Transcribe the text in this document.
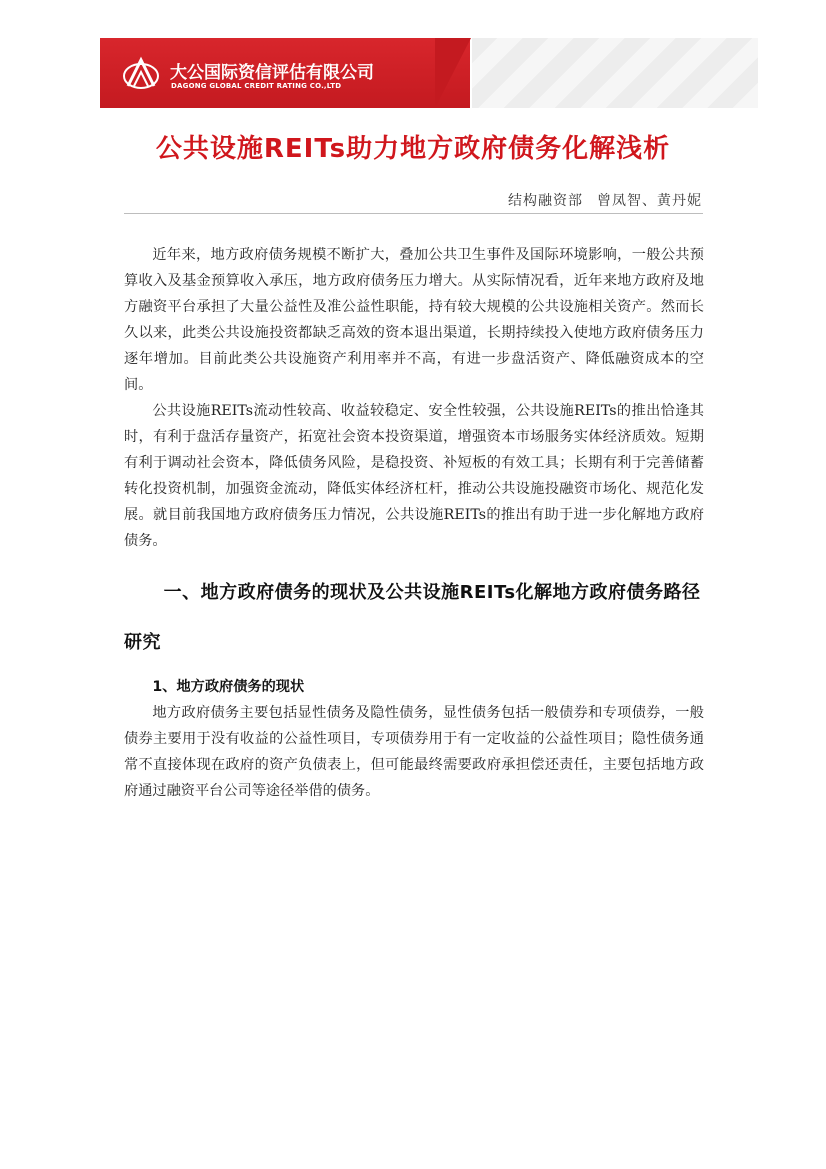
大公国际资信评估有限公司
DAGONG GLOBAL CREDIT RATING CO.,LTD
公共设施REITs助力地方政府债务化解浅析
结构融资部 曾凤智、黄丹妮

近年来，地方政府债务规模不断扩大，叠加公共卫生事件及国际环境影响，一般公共预算收入及基金预算收入承压，地方政府债务压力增大。从实际情况看，近年来地方政府及地方融资平台承担了大量公益性及准公益性职能，持有较大规模的公共设施相关资产。然而长久以来，此类公共设施投资都缺乏高效的资本退出渠道，长期持续投入使地方政府债务压力逐年增加。目前此类公共设施资产利用率并不高，有进一步盘活资产、降低融资成本的空间。

公共设施REITs流动性较高、收益较稳定、安全性较强，公共设施REITs的推出恰逢其时，有利于盘活存量资产，拓宽社会资本投资渠道，增强资本市场服务实体经济质效。短期有利于调动社会资本，降低债务风险，是稳投资、补短板的有效工具；长期有利于完善储蓄转化投资机制，加强资金流动，降低实体经济杠杆，推动公共设施投融资市场化、规范化发展。就目前我国地方政府债务压力情况，公共设施REITs的推出有助于进一步化解地方政府债务。

一、地方政府债务的现状及公共设施REITs化解地方政府债务路径研究

1、地方政府债务的现状

地方政府债务主要包括显性债务及隐性债务，显性债务包括一般债券和专项债券，一般债券主要用于没有收益的公益性项目，专项债券用于有一定收益的公益性项目；隐性债务通常不直接体现在政府的资产负债表上，但可能最终需要政府承担偿还责任，主要包括地方政府通过融资平台公司等途径举借的债务。
